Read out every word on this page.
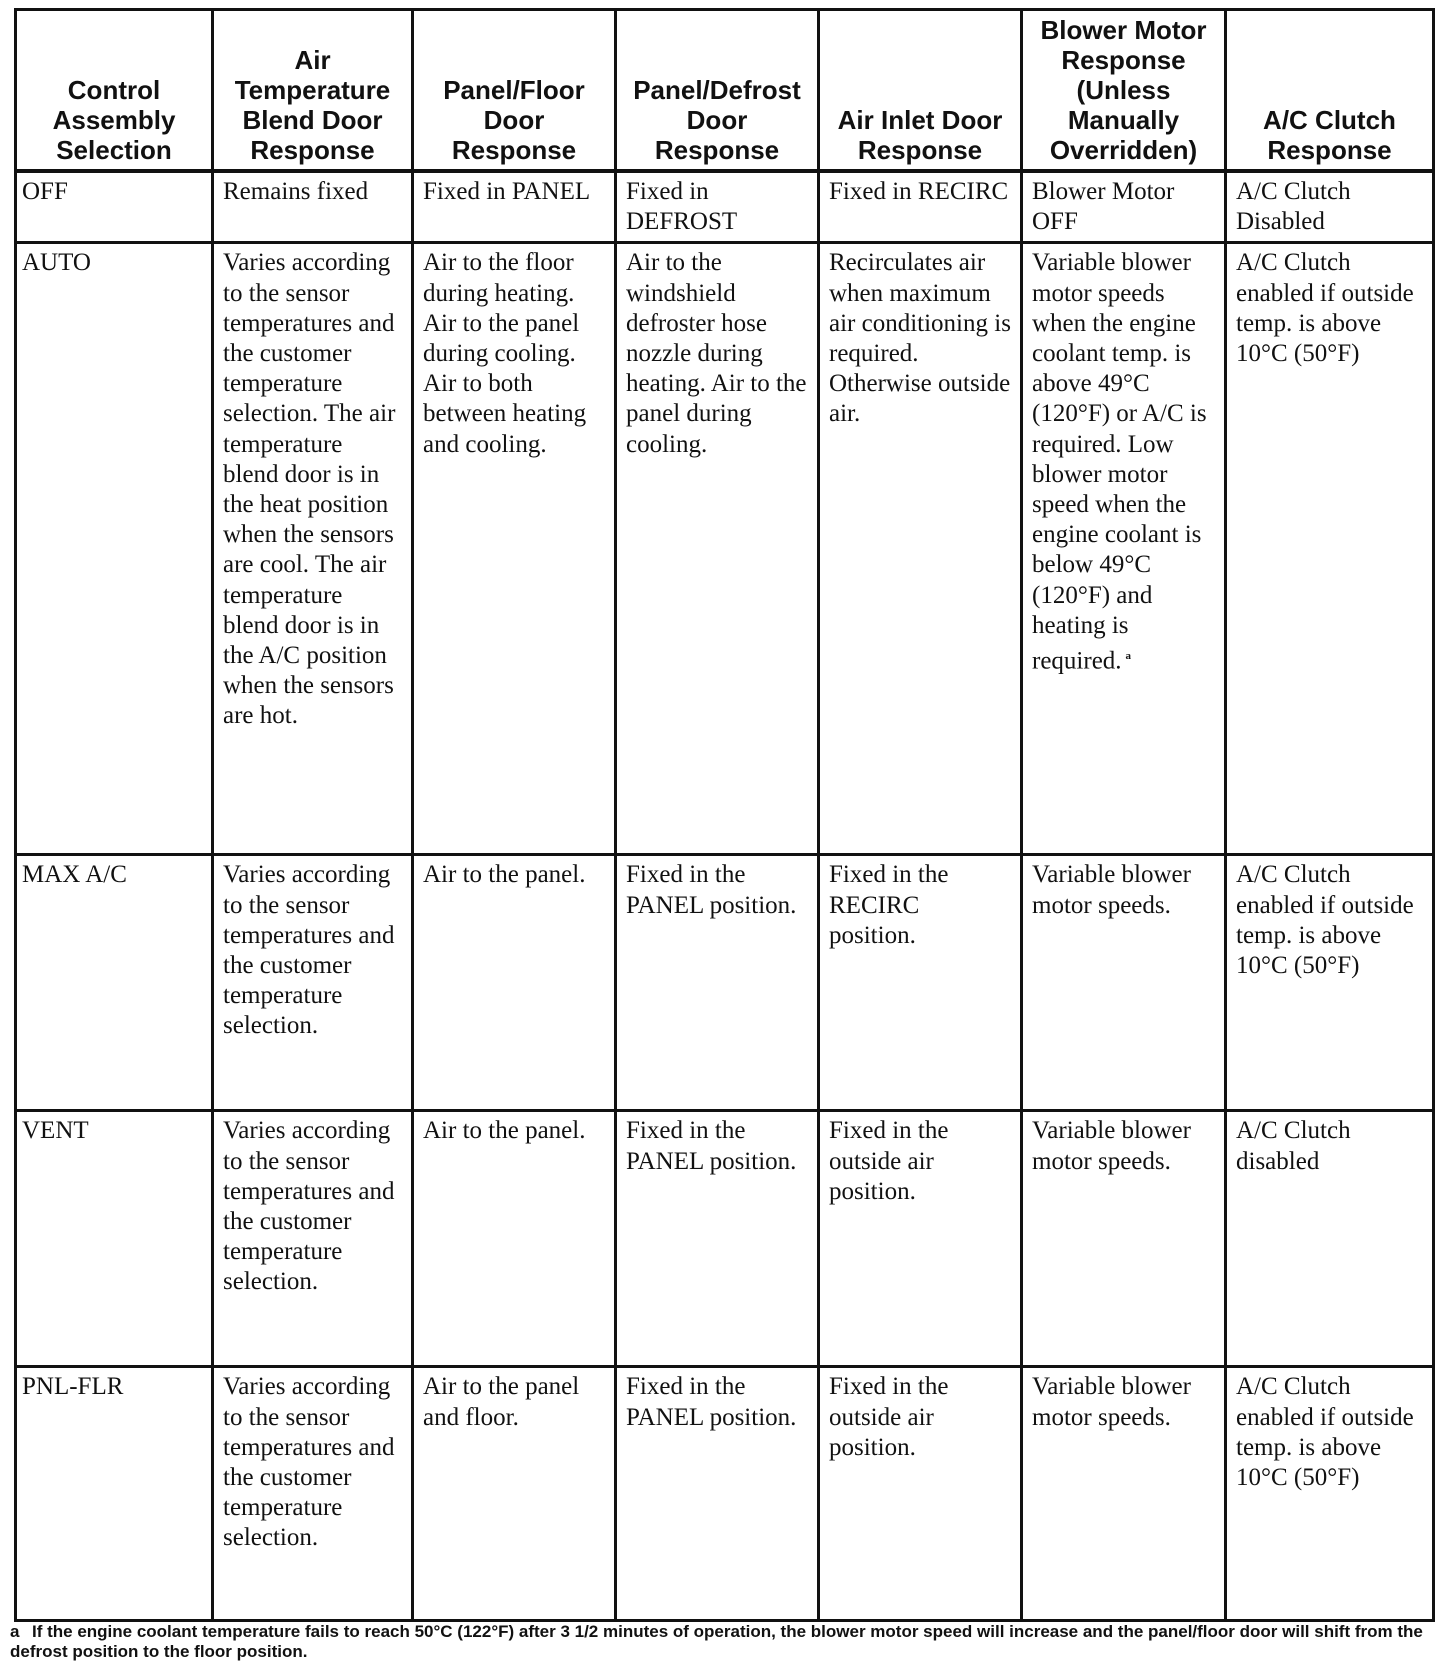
Control Assembly Selection	Air Temperature Blend Door Response	Panel/Floor Door Response	Panel/Defrost Door Response	Air Inlet Door Response	Blower Motor Response (Unless Manually Overridden)	A/C Clutch Response
OFF	Remains fixed	Fixed in PANEL	Fixed in DEFROST	Fixed in RECIRC	Blower Motor OFF	A/C Clutch Disabled
AUTO	Varies according to the sensor temperatures and the customer temperature selection. The air temperature blend door is in the heat position when the sensors are cool. The air temperature blend door is in the A/C position when the sensors are hot.	Air to the floor during heating. Air to the panel during cooling. Air to both between heating and cooling.	Air to the windshield defroster hose nozzle during heating. Air to the panel during cooling.	Recirculates air when maximum air conditioning is required. Otherwise outside air.	Variable blower motor speeds when the engine coolant temp. is above 49°C (120°F) or A/C is required. Low blower motor speed when the engine coolant is below 49°C (120°F) and heating is required. $^a$	A/C Clutch enabled if outside temp. is above 10°C (50°F)
MAX A/C	Varies according to the sensor temperatures and the customer temperature selection.	Air to the panel.	Fixed in the PANEL position.	Fixed in the RECIRC position.	Variable blower motor speeds.	A/C Clutch enabled if outside temp. is above 10°C (50°F)
VENT	Varies according to the sensor temperatures and the customer temperature selection.	Air to the panel.	Fixed in the PANEL position.	Fixed in the outside air position.	Variable blower motor speeds.	A/C Clutch disabled
PNL-FLR	Varies according to the sensor temperatures and the customer temperature selection.	Air to the panel and floor.	Fixed in the PANEL position.	Fixed in the outside air position.	Variable blower motor speeds.	A/C Clutch enabled if outside temp. is above 10°C (50°F)
a If the engine coolant temperature fails to reach 50°C (122°F) after 3 1/2 minutes of operation, the blower motor speed will increase and the panel/floor door will shift from the defrost position to the floor position.
